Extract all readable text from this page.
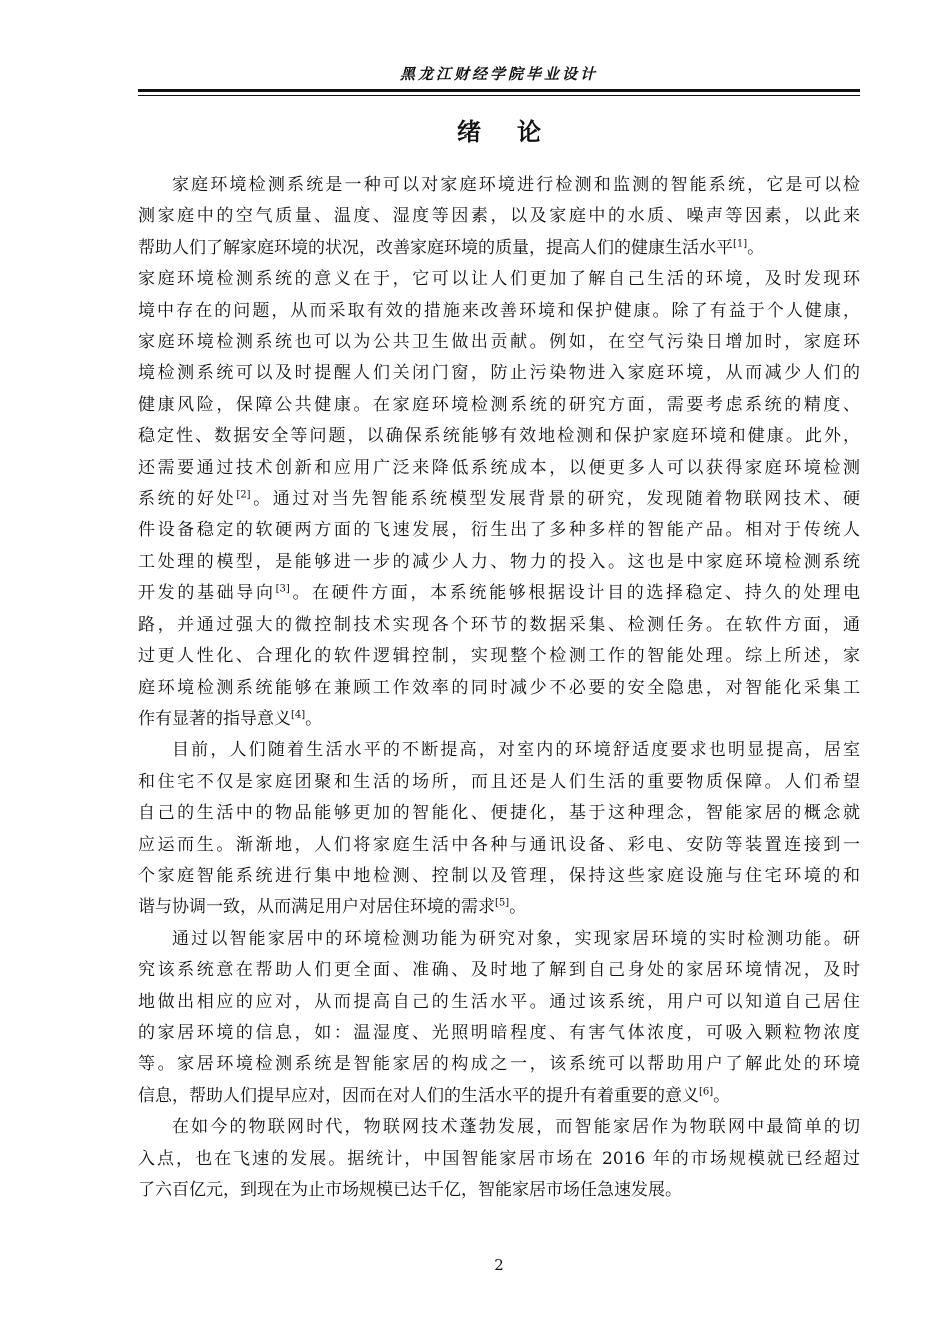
黑龙江财经学院毕业设计
绪论
家庭环境检测系统是一种可以对家庭环境进行检测和监测的智能系统，它是可以检
测家庭中的空气质量、温度、湿度等因素，以及家庭中的水质、噪声等因素，以此来
帮助人们了解家庭环境的状况，改善家庭环境的质量，提高人们的健康生活水平[1]。
家庭环境检测系统的意义在于，它可以让人们更加了解自己生活的环境，及时发现环
境中存在的问题，从而采取有效的措施来改善环境和保护健康。除了有益于个人健康，
家庭环境检测系统也可以为公共卫生做出贡献。例如，在空气污染日增加时，家庭环
境检测系统可以及时提醒人们关闭门窗，防止污染物进入家庭环境，从而减少人们的
健康风险，保障公共健康。在家庭环境检测系统的研究方面，需要考虑系统的精度、
稳定性、数据安全等问题，以确保系统能够有效地检测和保护家庭环境和健康。此外，
还需要通过技术创新和应用广泛来降低系统成本，以便更多人可以获得家庭环境检测
系统的好处[2]。通过对当先智能系统模型发展背景的研究，发现随着物联网技术、硬
件设备稳定的软硬两方面的飞速发展，衍生出了多种多样的智能产品。相对于传统人
工处理的模型，是能够进一步的减少人力、物力的投入。这也是中家庭环境检测系统
开发的基础导向[3]。在硬件方面，本系统能够根据设计目的选择稳定、持久的处理电
路，并通过强大的微控制技术实现各个环节的数据采集、检测任务。在软件方面，通
过更人性化、合理化的软件逻辑控制，实现整个检测工作的智能处理。综上所述，家
庭环境检测系统能够在兼顾工作效率的同时减少不必要的安全隐患，对智能化采集工
作有显著的指导意义[4]。
目前，人们随着生活水平的不断提高，对室内的环境舒适度要求也明显提高，居室
和住宅不仅是家庭团聚和生活的场所，而且还是人们生活的重要物质保障。人们希望
自己的生活中的物品能够更加的智能化、便捷化，基于这种理念，智能家居的概念就
应运而生。渐渐地，人们将家庭生活中各种与通讯设备、彩电、安防等装置连接到一
个家庭智能系统进行集中地检测、控制以及管理，保持这些家庭设施与住宅环境的和
谐与协调一致，从而满足用户对居住环境的需求[5]。
通过以智能家居中的环境检测功能为研究对象，实现家居环境的实时检测功能。研
究该系统意在帮助人们更全面、准确、及时地了解到自己身处的家居环境情况，及时
地做出相应的应对，从而提高自己的生活水平。通过该系统，用户可以知道自己居住
的家居环境的信息，如：温湿度、光照明暗程度、有害气体浓度，可吸入颗粒物浓度
等。家居环境检测系统是智能家居的构成之一，该系统可以帮助用户了解此处的环境
信息，帮助人们提早应对，因而在对人们的生活水平的提升有着重要的意义[6]。
在如今的物联网时代，物联网技术蓬勃发展，而智能家居作为物联网中最简单的切
入点，也在飞速的发展。据统计，中国智能家居市场在 2016 年的市场规模就已经超过
了六百亿元，到现在为止市场规模已达千亿，智能家居市场任急速发展。
2
